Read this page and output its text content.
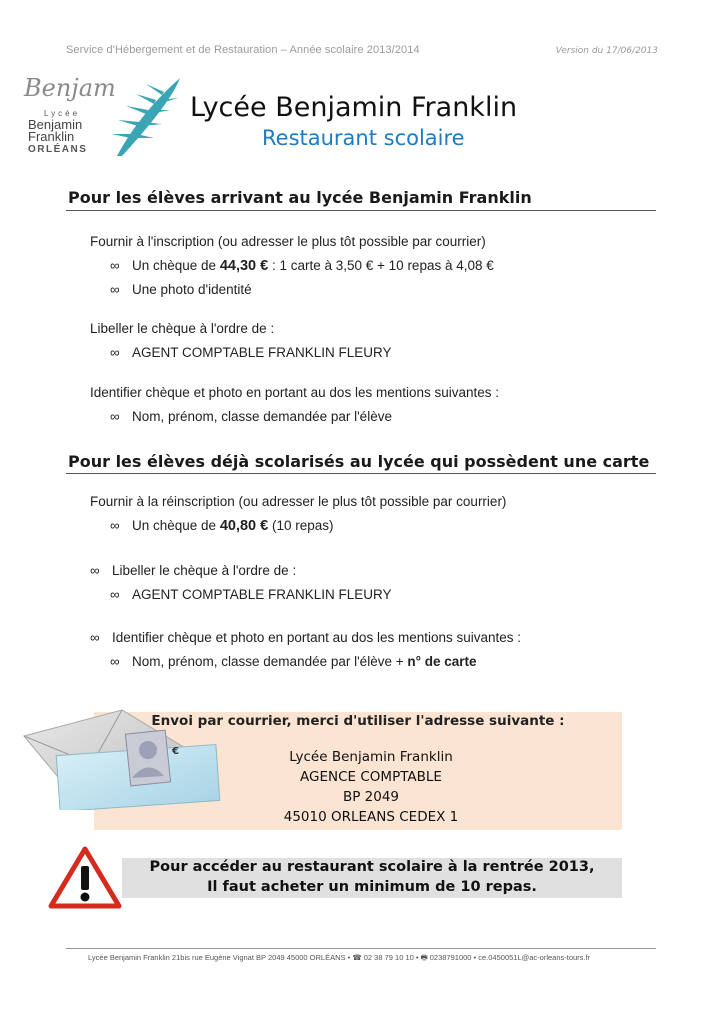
Service d'Hébergement et de Restauration – Année scolaire 2013/2014	Version du 17/06/2013
Benjam
Lycée
Benjamin
Franklin
ORLÉANS
Lycée Benjamin Franklin
Restaurant scolaire
Pour les élèves arrivant au lycée Benjamin Franklin
Fournir à l'inscription (ou adresser le plus tôt possible par courrier)
∞ Un chèque de 44,30 € : 1 carte à 3,50 € + 10 repas à 4,08 €
∞ Une photo d'identité
Libeller le chèque à l'ordre de :
∞ AGENT COMPTABLE FRANKLIN FLEURY
Identifier chèque et photo en portant au dos les mentions suivantes :
∞ Nom, prénom, classe demandée par l'élève
Pour les élèves déjà scolarisés au lycée qui possèdent une carte
Fournir à la réinscription (ou adresser le plus tôt possible par courrier)
∞ Un chèque de 40,80 € (10 repas)
∞ Libeller le chèque à l'ordre de :
∞ AGENT COMPTABLE FRANKLIN FLEURY
∞ Identifier chèque et photo en portant au dos les mentions suivantes :
∞ Nom, prénom, classe demandée par l'élève + n° de carte
€
Envoi par courrier, merci d'utiliser l'adresse suivante :
Lycée Benjamin Franklin
AGENCE COMPTABLE
BP 2049
45010 ORLEANS CEDEX 1
Pour accéder au restaurant scolaire à la rentrée 2013,
Il faut acheter un minimum de 10 repas.
Lycée Benjamin Franklin 21bis rue Eugène Vignat BP 2049 45000 ORLÉANS • ☎ 02 38 79 10 10 • 🖶 0238791000 • ce.0450051L@ac-orleans-tours.fr
